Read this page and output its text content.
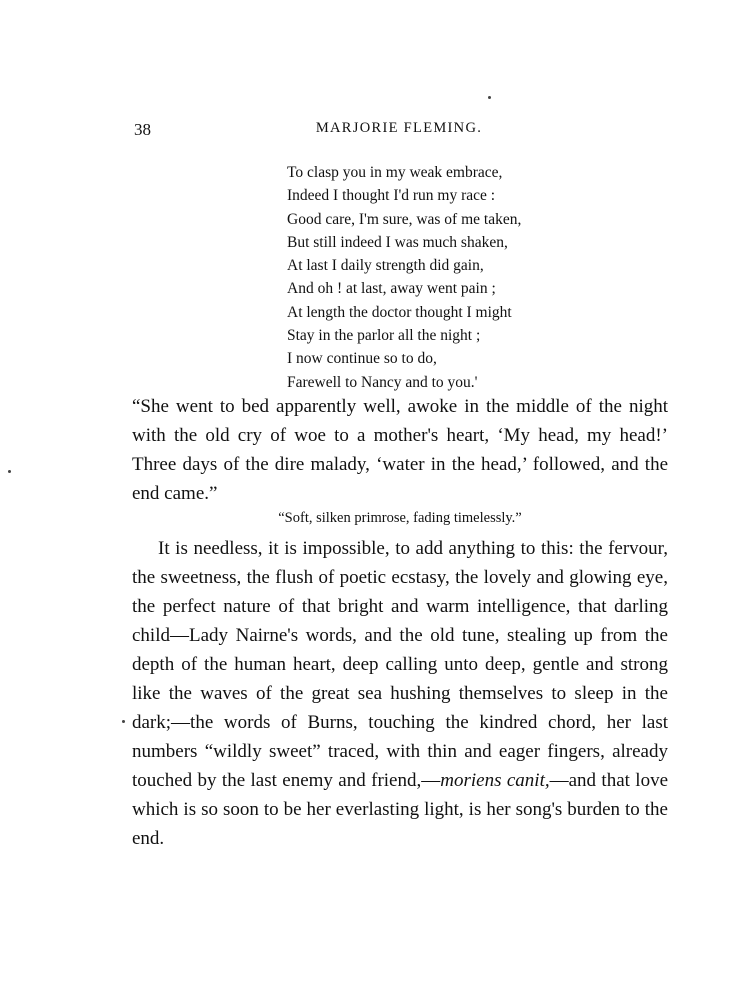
38	MARJORIE FLEMING.
To clasp you in my weak embrace,
Indeed I thought I'd run my race :
Good care, I'm sure, was of me taken,
But still indeed I was much shaken,
At last I daily strength did gain,
And oh ! at last, away went pain ;
At length the doctor thought I might
Stay in the parlor all the night ;
I now continue so to do,
Farewell to Nancy and to you.'

“She went to bed apparently well, awoke in the middle of the night with the old cry of woe to a mother's heart, ‘My head, my head!’ Three days of the dire malady, ‘water in the head,’ followed, and the end came.”

“Soft, silken primrose, fading timelessly.”

It is needless, it is impossible, to add anything to this: the fervour, the sweetness, the flush of poetic ecstasy, the lovely and glowing eye, the perfect nature of that bright and warm intelligence, that darling child—Lady Nairne's words, and the old tune, stealing up from the depth of the human heart, deep calling unto deep, gentle and strong like the waves of the great sea hushing themselves to sleep in the dark;—the words of Burns, touching the kindred chord, her last numbers “wildly sweet” traced, with thin and eager fingers, already touched by the last enemy and friend,—moriens canit,—and that love which is so soon to be her everlasting light, is her song's burden to the end.
